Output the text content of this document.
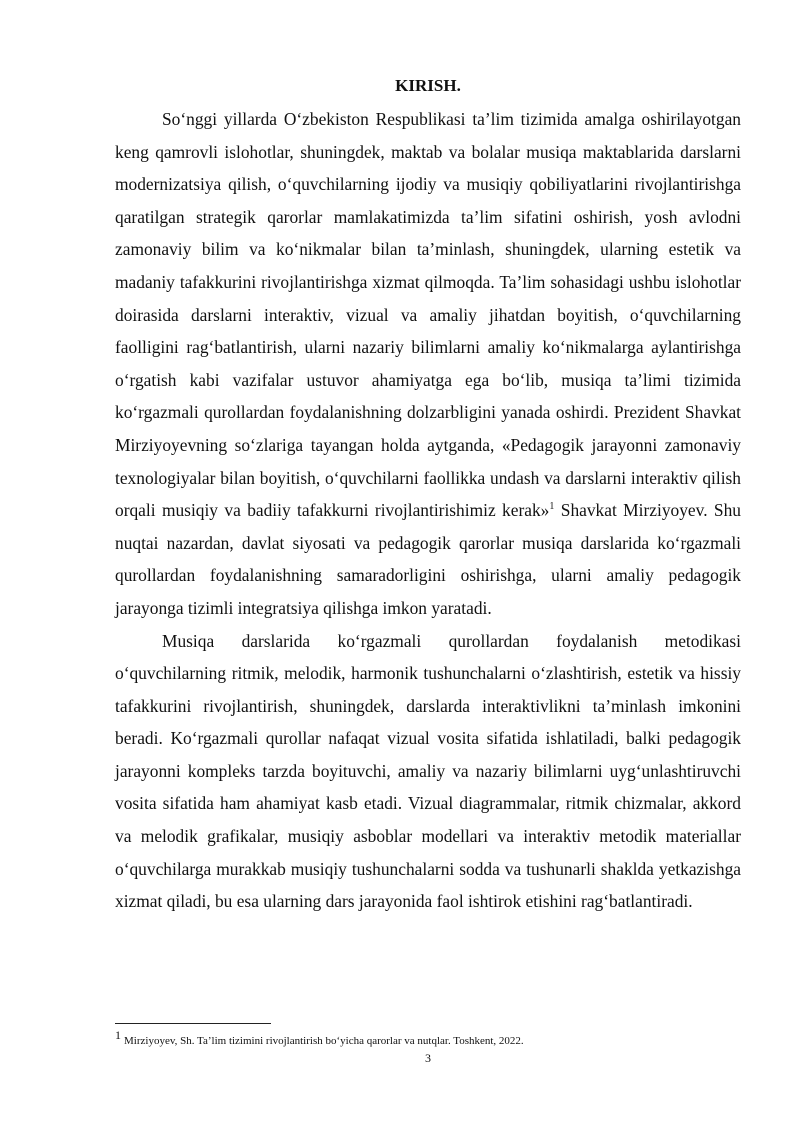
KIRISH.

So‘nggi yillarda O‘zbekiston Respublikasi ta’lim tizimida amalga oshirilayotgan keng qamrovli islohotlar, shuningdek, maktab va bolalar musiqa maktablarida darslarni modernizatsiya qilish, o‘quvchilarning ijodiy va musiqiy qobiliyatlarini rivojlantirishga qaratilgan strategik qarorlar mamlakatimizda ta’lim sifatini oshirish, yosh avlodni zamonaviy bilim va ko‘nikmalar bilan ta’minlash, shuningdek, ularning estetik va madaniy tafakkurini rivojlantirishga xizmat qilmoqda. Ta’lim sohasidagi ushbu islohotlar doirasida darslarni interaktiv, vizual va amaliy jihatdan boyitish, o‘quvchilarning faolligini rag‘batlantirish, ularni nazariy bilimlarni amaliy ko‘nikmalarga aylantirishga o‘rgatish kabi vazifalar ustuvor ahamiyatga ega bo‘lib, musiqa ta’limi tizimida ko‘rgazmali qurollardan foydalanishning dolzarbligini yanada oshirdi. Prezident Shavkat Mirziyoyevning so‘zlariga tayangan holda aytganda, «Pedagogik jarayonni zamonaviy texnologiyalar bilan boyitish, o‘quvchilarni faollikka undash va darslarni interaktiv qilish orqali musiqiy va badiiy tafakkurni rivojlantirishimiz kerak»$^1$ Shavkat Mirziyoyev. Shu nuqtai nazardan, davlat siyosati va pedagogik qarorlar musiqa darslarida ko‘rgazmali qurollardan foydalanishning samaradorligini oshirishga, ularni amaliy pedagogik jarayonga tizimli integratsiya qilishga imkon yaratadi.

Musiqa darslarida ko‘rgazmali qurollardan foydalanish metodikasi o‘quvchilarning ritmik, melodik, harmonik tushunchalarni o‘zlashtirish, estetik va hissiy tafakkurini rivojlantirish, shuningdek, darslarda interaktivlikni ta’minlash imkonini beradi. Ko‘rgazmali qurollar nafaqat vizual vosita sifatida ishlatiladi, balki pedagogik jarayonni kompleks tarzda boyituvchi, amaliy va nazariy bilimlarni uyg‘unlashtiruvchi vosita sifatida ham ahamiyat kasb etadi. Vizual diagrammalar, ritmik chizmalar, akkord va melodik grafikalar, musiqiy asboblar modellari va interaktiv metodik materiallar o‘quvchilarga murakkab musiqiy tushunchalarni sodda va tushunarli shaklda yetkazishga xizmat qiladi, bu esa ularning dars jarayonida faol ishtirok etishini rag‘batlantiradi.

1 Mirziyoyev, Sh. Ta’lim tizimini rivojlantirish bo‘yicha qarorlar va nutqlar. Toshkent, 2022.
3
